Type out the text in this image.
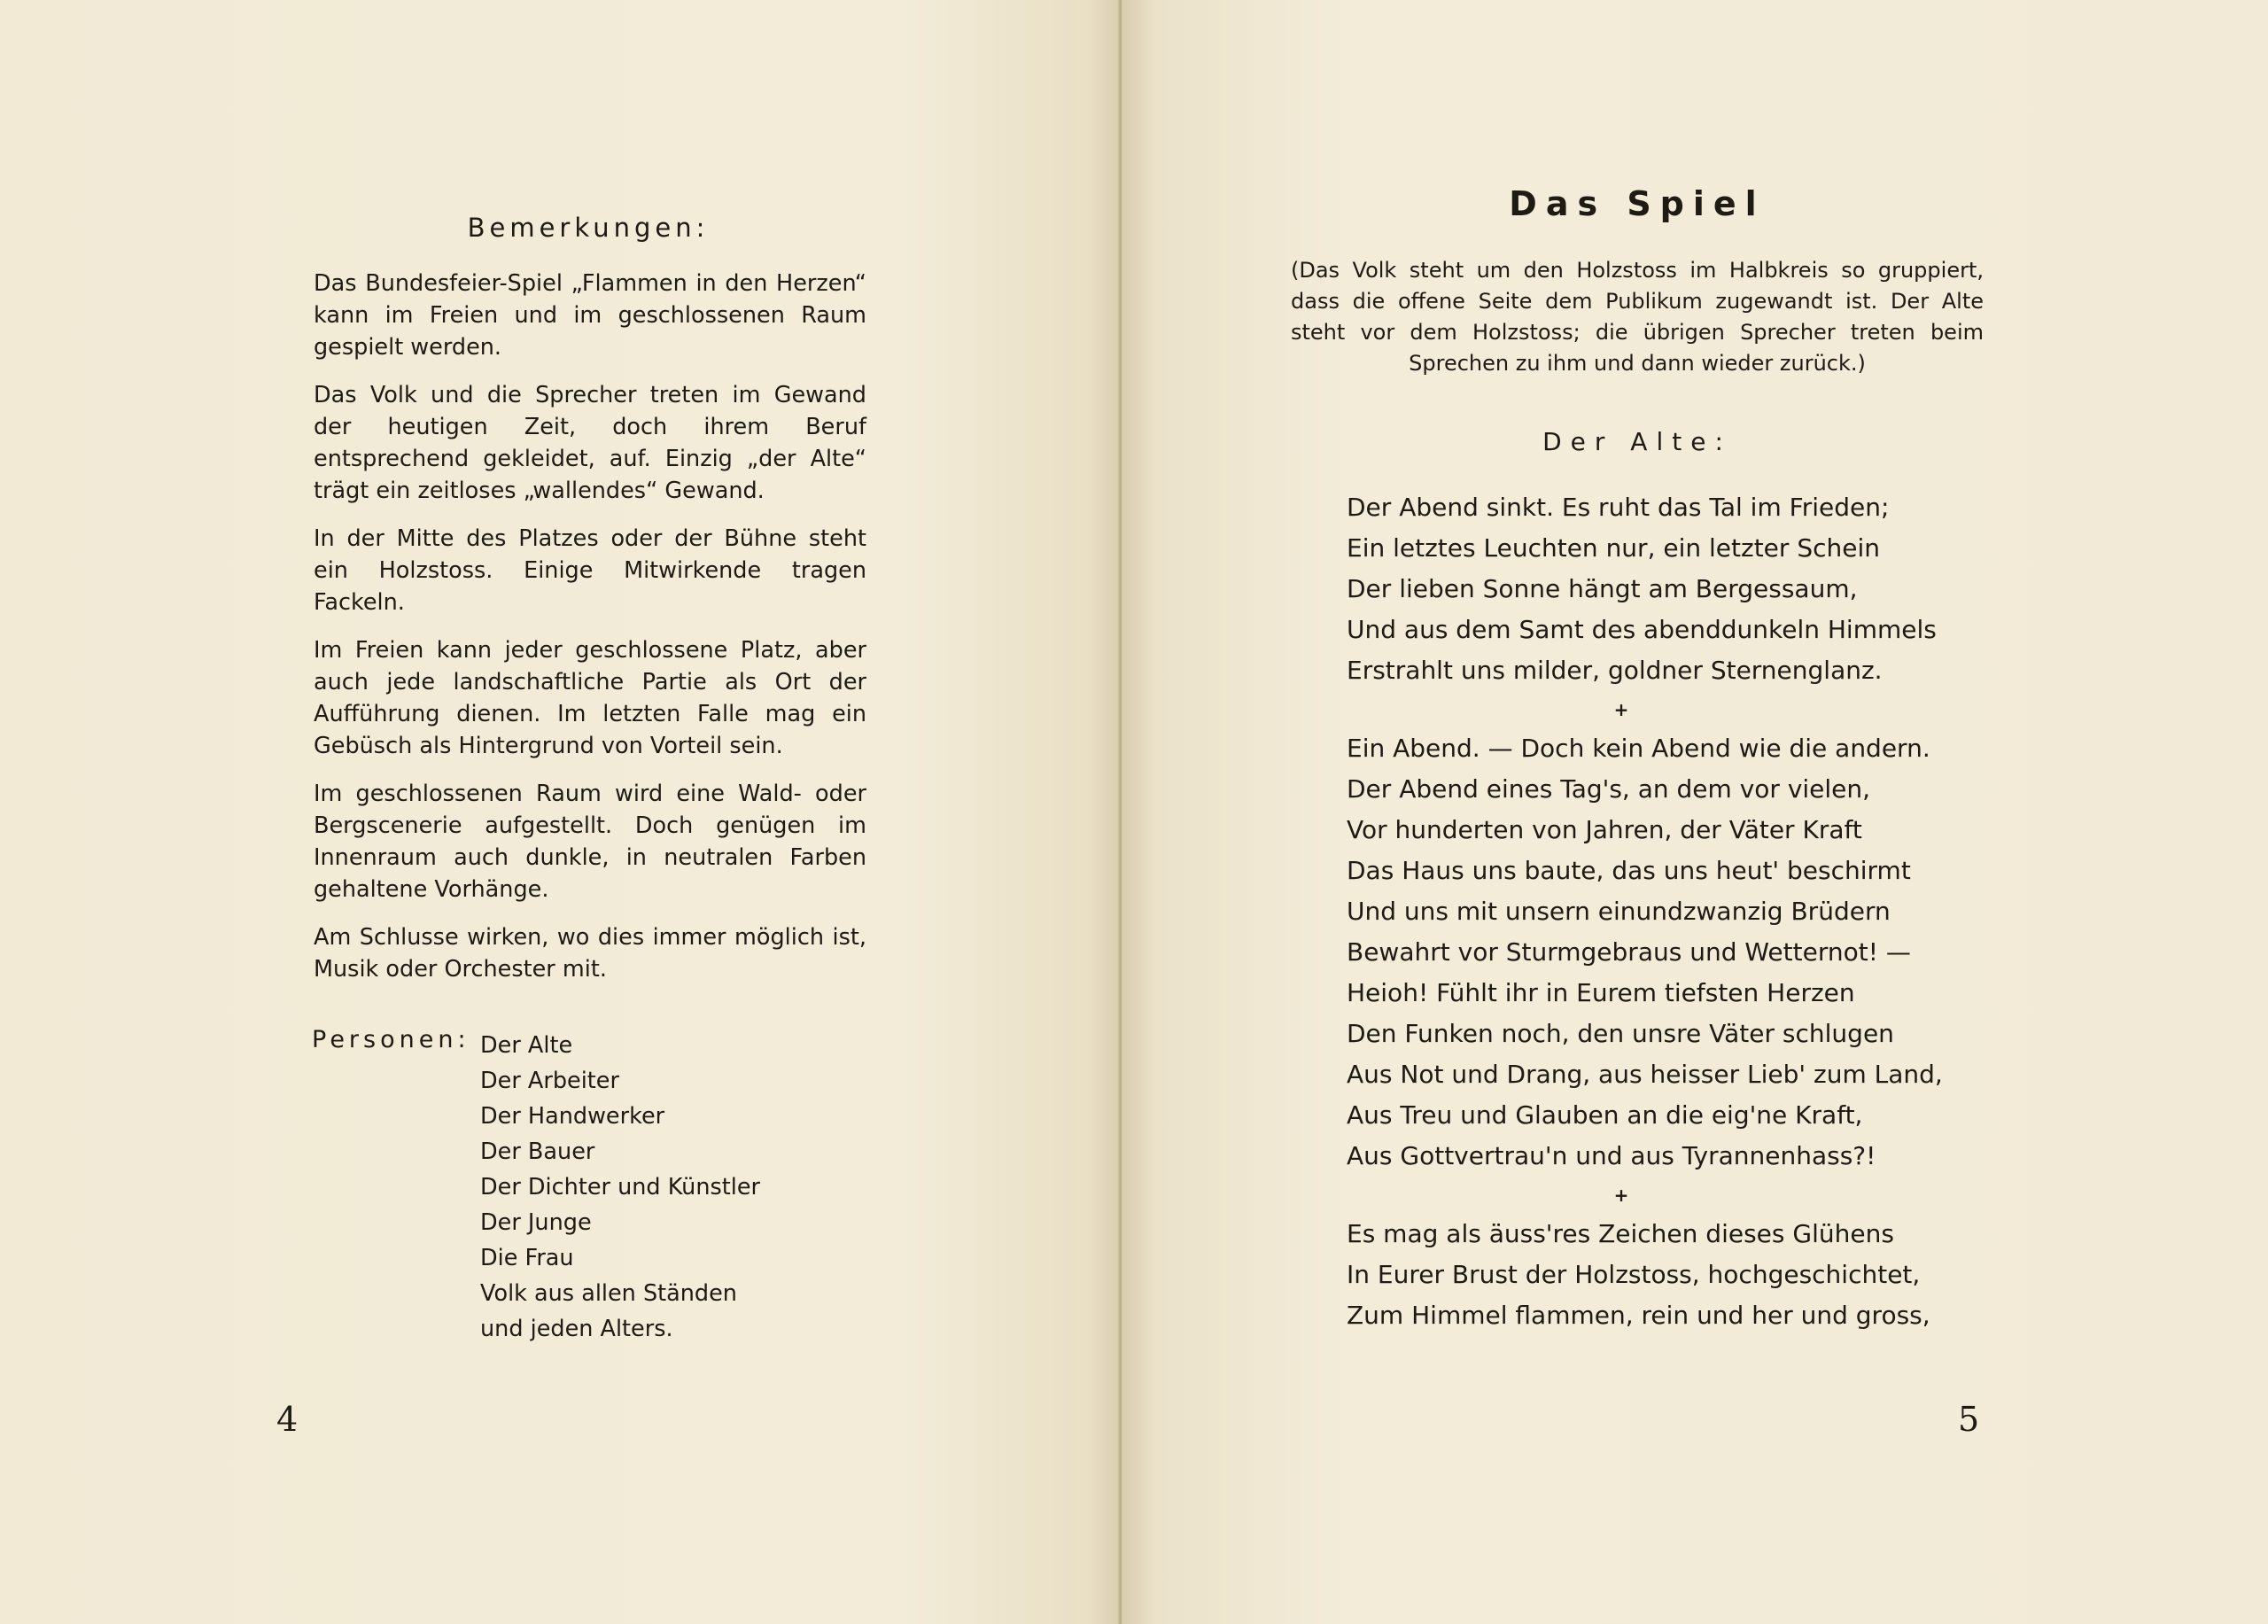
Bemerkungen:

Das Bundesfeier-Spiel „Flammen in den Herzen“ kann im Freien und im geschlossenen Raum gespielt werden.

Das Volk und die Sprecher treten im Gewand der heutigen Zeit, doch ihrem Beruf entsprechend gekleidet, auf. Einzig „der Alte“ trägt ein zeitloses „wallendes“ Gewand.

In der Mitte des Platzes oder der Bühne steht ein Holzstoss. Einige Mitwirkende tragen Fackeln.

Im Freien kann jeder geschlossene Platz, aber auch jede landschaftliche Partie als Ort der Aufführung dienen. Im letzten Falle mag ein Gebüsch als Hintergrund von Vorteil sein.

Im geschlossenen Raum wird eine Wald- oder Bergscenerie aufgestellt. Doch genügen im Innenraum auch dunkle, in neutralen Farben gehaltene Vorhänge.

Am Schlusse wirken, wo dies immer möglich ist, Musik oder Orchester mit.

Personen: Der Alte
Der Arbeiter
Der Handwerker
Der Bauer
Der Dichter und Künstler
Der Junge
Die Frau
Volk aus allen Ständen
und jeden Alters.
4
Das Spiel
(Das Volk steht um den Holzstoss im Halbkreis so gruppiert, dass die offene Seite dem Publikum zugewandt ist. Der Alte steht vor dem Holzstoss; die übrigen Sprecher treten beim Sprechen zu ihm und dann wieder zurück.)
Der Alte:
Der Abend sinkt. Es ruht das Tal im Frieden;
Ein letztes Leuchten nur, ein letzter Schein
Der lieben Sonne hängt am Bergessaum,
Und aus dem Samt des abenddunkeln Himmels
Erstrahlt uns milder, goldner Sternenglanz.
+
Ein Abend. — Doch kein Abend wie die andern.
Der Abend eines Tag's, an dem vor vielen,
Vor hunderten von Jahren, der Väter Kraft
Das Haus uns baute, das uns heut' beschirmt
Und uns mit unsern einundzwanzig Brüdern
Bewahrt vor Sturmgebraus und Wetternot! —
Heioh! Fühlt ihr in Eurem tiefsten Herzen
Den Funken noch, den unsre Väter schlugen
Aus Not und Drang, aus heisser Lieb' zum Land,
Aus Treu und Glauben an die eig'ne Kraft,
Aus Gottvertrau'n und aus Tyrannenhass?!
+
Es mag als äuss'res Zeichen dieses Glühens
In Eurer Brust der Holzstoss, hochgeschichtet,
Zum Himmel flammen, rein und her und gross,
5
